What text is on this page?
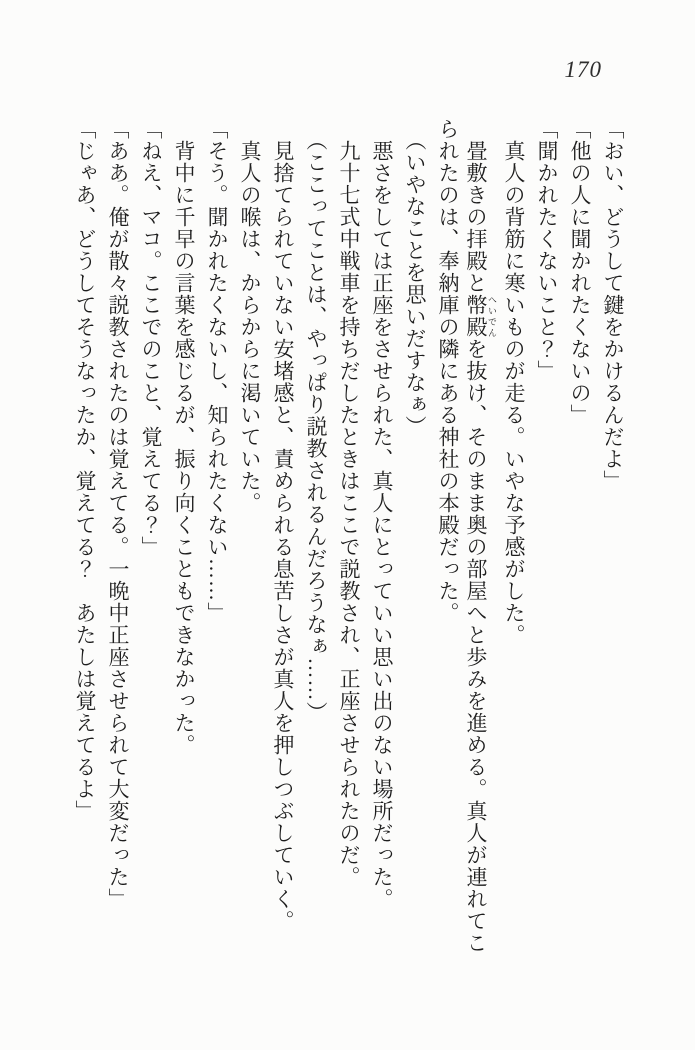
170
「おい、どうして鍵をかけるんだよ」
「他の人に聞かれたくないの」
「聞かれたくないこと？」
　真人の背筋に寒いものが走る。いやな予感がした。
　畳敷きの拝殿と幣殿 へいでんを抜け、そのまま奥の部屋へと歩みを進める。真人が連れてこ
られたのは、奉納庫の隣にある神社の本殿だった。
　（いやなことを思いだすなぁ）
　悪さをしては正座をさせられた、真人にとっていい思い出のない場所だった。
　九十七式中戦車を持ちだしたときはここで説教され、正座させられたのだ。
　（ここってことは、やっぱり説教されるんだろうなぁ……）
　見捨てられていない安堵感と、責められる息苦しさが真人を押しつぶしていく。
　真人の喉は、からからに渇いていた。
「そう。聞かれたくないし、知られたくない……」
　背中に千早の言葉を感じるが、振り向くこともできなかった。
「ねえ、マコ。ここでのこと、覚えてる？」
「ああ。俺が散々説教されたのは覚えてる。一晩中正座させられて大変だった」
「じゃあ、どうしてそうなったか、覚えてる？　あたしは覚えてるよ」
